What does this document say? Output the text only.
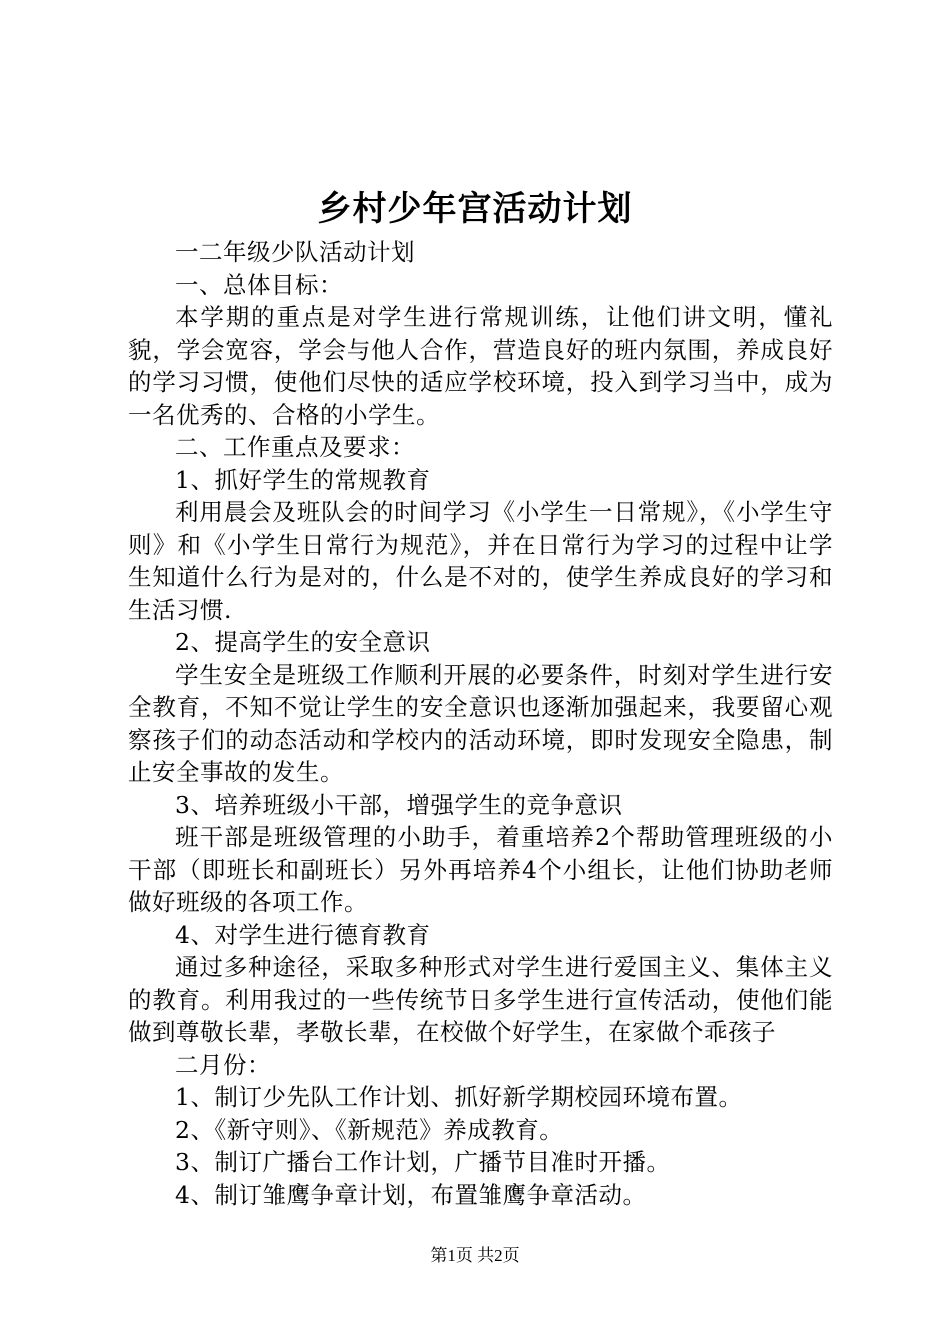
乡村少年宫活动计划

一二年级少队活动计划

一、总体目标：

本学期的重点是对学生进行常规训练，让他们讲文明，懂礼貌，学会宽容，学会与他人合作，营造良好的班内氛围，养成良好的学习习惯，使他们尽快的适应学校环境，投入到学习当中，成为一名优秀的、合格的小学生。

二、工作重点及要求：

1、抓好学生的常规教育

利用晨会及班队会的时间学习《小学生一日常规》，《小学生守则》和《小学生日常行为规范》，并在日常行为学习的过程中让学生知道什么行为是对的，什么是不对的，使学生养成良好的学习和生活习惯.

2、提高学生的安全意识

学生安全是班级工作顺利开展的必要条件，时刻对学生进行安全教育，不知不觉让学生的安全意识也逐渐加强起来，我要留心观察孩子们的动态活动和学校内的活动环境，即时发现安全隐患，制止安全事故的发生。

3、培养班级小干部，增强学生的竞争意识

班干部是班级管理的小助手，着重培养2个帮助管理班级的小干部（即班长和副班长）另外再培养4个小组长，让他们协助老师做好班级的各项工作。

4、对学生进行德育教育

通过多种途径，采取多种形式对学生进行爱国主义、集体主义的教育。利用我过的一些传统节日多学生进行宣传活动，使他们能做到尊敬长辈，孝敬长辈，在校做个好学生，在家做个乖孩子

二月份：

1、制订少先队工作计划、抓好新学期校园环境布置。

2、《新守则》、《新规范》养成教育。

3、制订广播台工作计划，广播节目准时开播。

4、制订雏鹰争章计划，布置雏鹰争章活动。

第1页 共2页
